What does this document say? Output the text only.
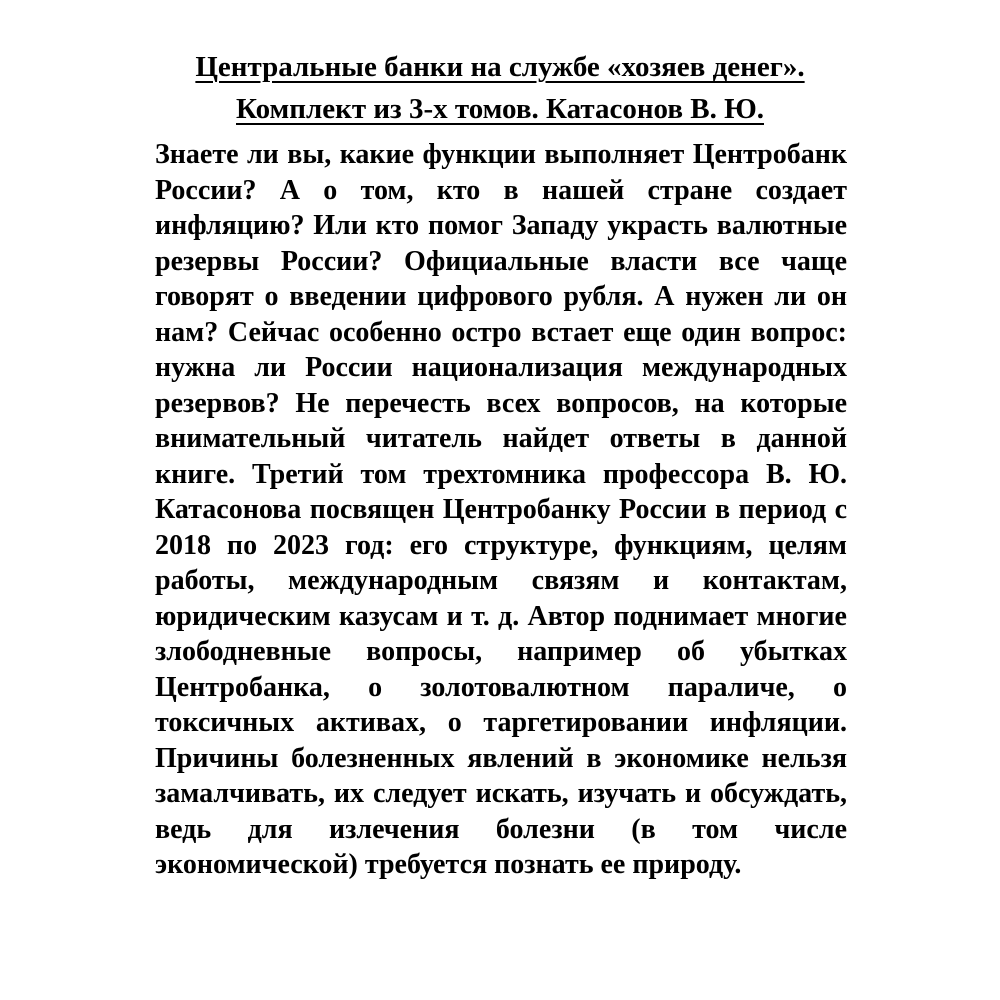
Центральные банки на службе «хозяев денег».
Комплект из 3-х томов. Катасонов В. Ю.

Знаете ли вы, какие функции выполняет Центробанк России? А о том, кто в нашей стране создает инфляцию? Или кто помог Западу украсть валютные резервы России? Официальные власти все чаще говорят о введении цифрового рубля. А нужен ли он нам? Сейчас особенно остро встает еще один вопрос: нужна ли России национализация международных резервов? Не перечесть всех вопросов, на которые внимательный читатель найдет ответы в данной книге. Третий том трехтомника профессора В. Ю. Катасонова посвящен Центробанку России в период с 2018 по 2023 год: его структуре, функциям, целям работы, международным связям и контактам, юридическим казусам и т. д. Автор поднимает многие злободневные вопросы, например об убытках Центробанка, о золотовалютном параличе, о токсичных активах, о таргетировании инфляции. Причины болезненных явлений в экономике нельзя замалчивать, их следует искать, изучать и обсуждать, ведь для излечения болезни (в том числе экономической) требуется познать ее природу.
